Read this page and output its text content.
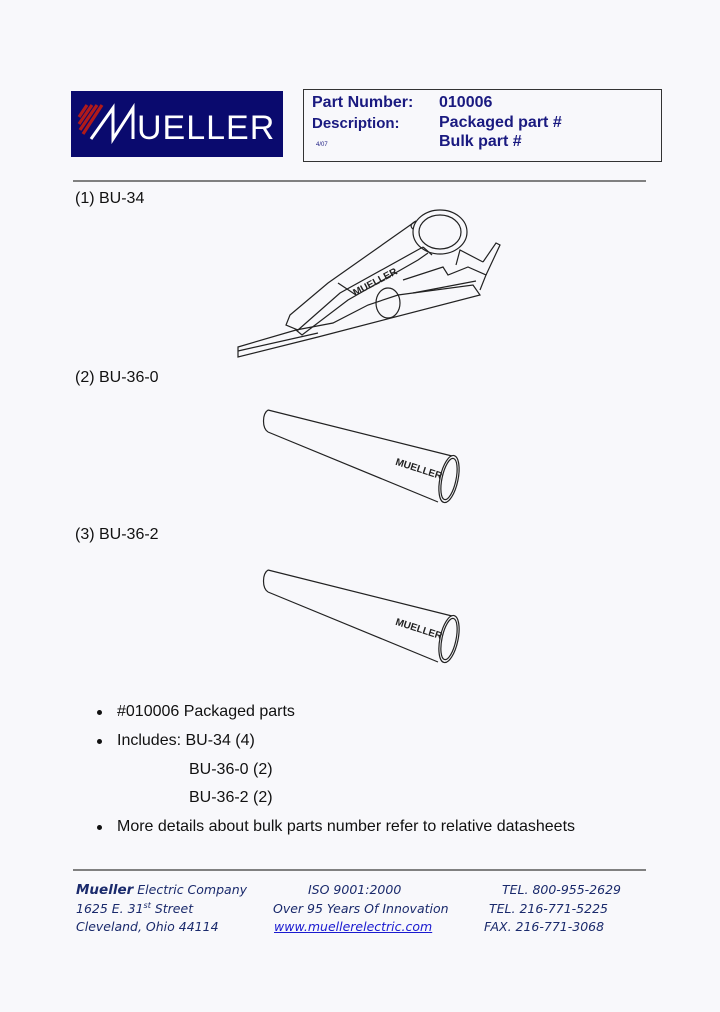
UELLER
Part Number: 010006
Description: Packaged part #
Bulk part #
4/07
(1) BU-34
MUELLER
(2) BU-36-0
MUELLER
(3) BU-36-2
MUELLER
#010006 Packaged parts
Includes: BU-34 (4)
BU-36-0 (2)
BU-36-2 (2)
More details about bulk parts number refer to relative datasheets
Mueller Electric Company
1625 E. 31st Street
Cleveland, Ohio 44114
ISO 9001:2000
Over 95 Years Of Innovation
www.muellerelectric.com
TEL. 800-955-2629
TEL. 216-771-5225
FAX. 216-771-3068
